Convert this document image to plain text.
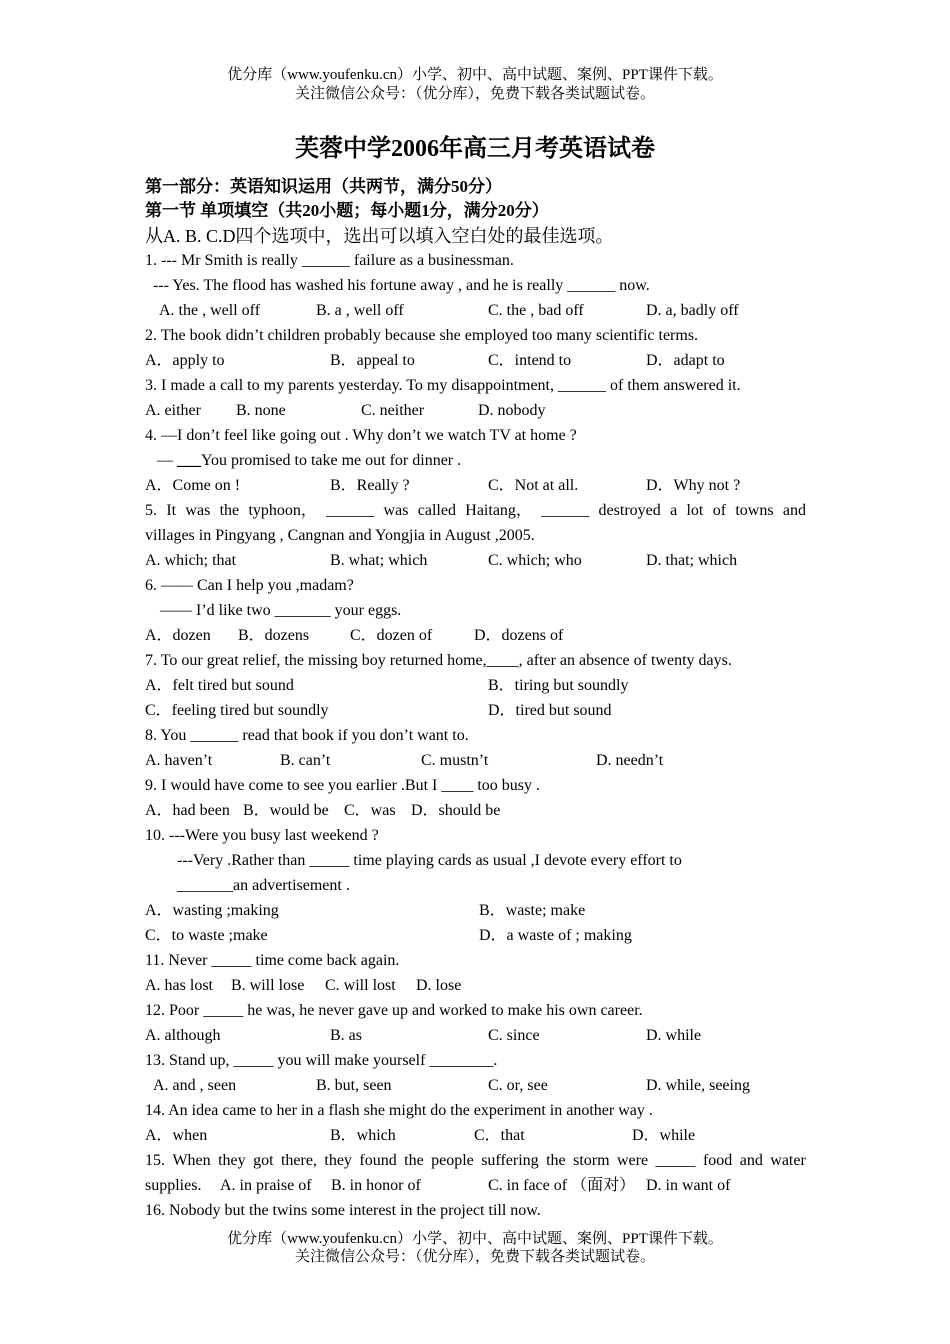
优分库（www.youfenku.cn）小学、初中、高中试题、案例、PPT课件下载。
关注微信公众号：（优分库），免费下载各类试题试卷。
芙蓉中学2006年高三月考英语试卷
第一部分：英语知识运用（共两节，满分50分）
第一节 单项填空（共20小题；每小题1分，满分20分）
从A. B. C.D四个选项中，选出可以填入空白处的最佳选项。
1. --- Mr Smith is really ______ failure as a businessman.
--- Yes. The flood has washed his fortune away , and he is really ______ now.
A. the , well off	B. a , well off	C. the , bad off	D. a, badly off
2. The book didn’t children probably because she employed too many scientific terms.
A．apply to	B．appeal to	C．intend to	D．adapt to
3. I made a call to my parents yesterday. To my disappointment, ______ of them answered it.
A. either B. none	C. neither	D. nobody
4. —I don’t feel like going out . Why don’t we watch TV at home ?
— ___You promised to take me out for dinner .
A．Come on !	B．Really ?	C．Not at all.	D．Why not ?
5. It was the typhoon， ______ was called Haitang， ______ destroyed a lot of towns and
villages in Pingyang , Cangnan and Yongjia in August ,2005.
A. which; that	B. what; which	C. which; who	D. that; which
6. —— Can I help you ,madam?
—— I’d like two _______ your eggs.
A．dozen B．dozens	C．dozen of	D．dozens of
7. To our great relief, the missing boy returned home,____, after an absence of twenty days.
A．felt tired but sound	B．tiring but soundly
C．feeling tired but soundly	D．tired but sound
8. You ______ read that book if you don’t want to.
A. haven’t	B. can’t	C. mustn’t	D. needn’t
9. I would have come to see you earlier .But I ____ too busy .
A．had been B．would be C．was D．should be
10. ---Were you busy last weekend ?
---Very .Rather than _____ time playing cards as usual ,I devote every effort to
_______an advertisement .
A．wasting ;making	B．waste; make
C．to waste ;make	D．a waste of ; making
11. Never _____ time come back again.
A. has lost B. will lose C. will lost D. lose
12. Poor _____ he was, he never gave up and worked to make his own career.
A. although	B. as	C. since	D. while
13. Stand up, _____ you will make yourself ________.
A. and , seen	B. but, seen	C. or, see	D. while, seeing
14. An idea came to her in a flash she might do the experiment in another way .
A．when	B．which	C．that	D．while
15. When they got there, they found the people suffering the storm were _____ food and water
supplies. A. in praise of B. in honor of	C. in face of （面对） D. in want of
16. Nobody but the twins some interest in the project till now.
优分库（www.youfenku.cn）小学、初中、高中试题、案例、PPT课件下载。
关注微信公众号：（优分库），免费下载各类试题试卷。
